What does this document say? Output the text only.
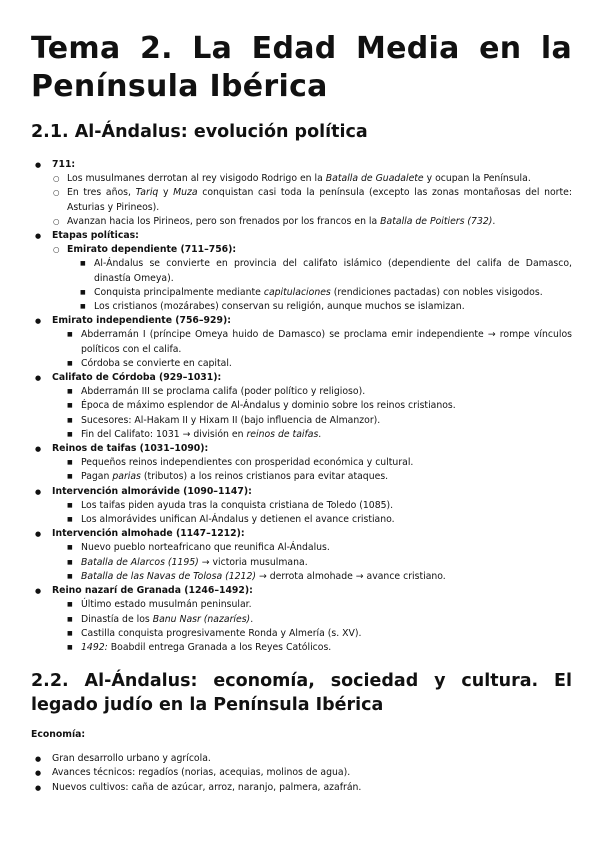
Tema 2. La Edad Media en la Península Ibérica
2.1. Al-Ándalus: evolución política
● 711:
○ Los musulmanes derrotan al rey visigodo Rodrigo en la Batalla de Guadalete y ocupan la Península.
○ En tres años, Tariq y Muza conquistan casi toda la península (excepto las zonas montañosas del norte: Asturias y Pirineos).
○ Avanzan hacia los Pirineos, pero son frenados por los francos en la Batalla de Poitiers (732).
● Etapas políticas:
○ Emirato dependiente (711–756):
■ Al-Ándalus se convierte en provincia del califato islámico (dependiente del califa de Damasco, dinastía Omeya).
■ Conquista principalmente mediante capitulaciones (rendiciones pactadas) con nobles visigodos.
■ Los cristianos (mozárabes) conservan su religión, aunque muchos se islamizan.
● Emirato independiente (756–929):
■ Abderramán I (príncipe Omeya huido de Damasco) se proclama emir independiente → rompe vínculos políticos con el califa.
■ Córdoba se convierte en capital.
● Califato de Córdoba (929–1031):
■ Abderramán III se proclama califa (poder político y religioso).
■ Época de máximo esplendor de Al-Ándalus y dominio sobre los reinos cristianos.
■ Sucesores: Al-Hakam II y Hixam II (bajo influencia de Almanzor).
■ Fin del Califato: 1031 → división en reinos de taifas.
● Reinos de taifas (1031–1090):
■ Pequeños reinos independientes con prosperidad económica y cultural.
■ Pagan parias (tributos) a los reinos cristianos para evitar ataques.
● Intervención almorávide (1090–1147):
■ Los taifas piden ayuda tras la conquista cristiana de Toledo (1085).
■ Los almorávides unifican Al-Ándalus y detienen el avance cristiano.
● Intervención almohade (1147–1212):
■ Nuevo pueblo norteafricano que reunifica Al-Ándalus.
■ Batalla de Alarcos (1195) → victoria musulmana.
■ Batalla de las Navas de Tolosa (1212) → derrota almohade → avance cristiano.
● Reino nazarí de Granada (1246–1492):
■ Último estado musulmán peninsular.
■ Dinastía de los Banu Nasr (nazaríes).
■ Castilla conquista progresivamente Ronda y Almería (s. XV).
■ 1492: Boabdil entrega Granada a los Reyes Católicos.
2.2. Al-Ándalus: economía, sociedad y cultura. El legado judío en la Península Ibérica
Economía:
● Gran desarrollo urbano y agrícola.
● Avances técnicos: regadíos (norias, acequias, molinos de agua).
● Nuevos cultivos: caña de azúcar, arroz, naranjo, palmera, azafrán.
